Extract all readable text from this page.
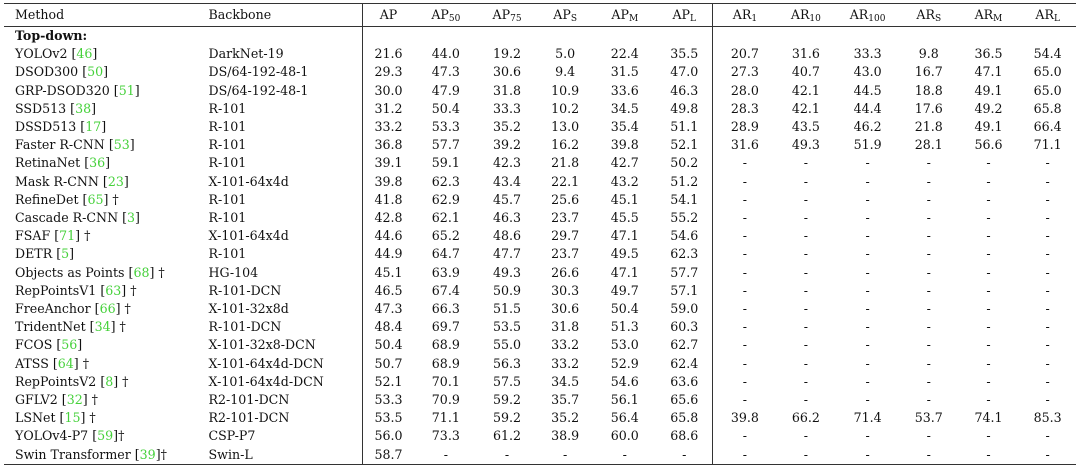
Method	Backbone	AP	$AP_{50}$	$AP_{75}$	$AP_S$	$AP_M$	$AP_L$	$AR_1$	$AR_{10}$	$AR_{100}$	$AR_S$	$AR_M$	$AR_L$
Top-down:													
YOLOv2 [46]	DarkNet-19	21.6	44.0	19.2	5.0	22.4	35.5	20.7	31.6	33.3	9.8	36.5	54.4
DSOD300 [50]	DS/64-192-48-1	29.3	47.3	30.6	9.4	31.5	47.0	27.3	40.7	43.0	16.7	47.1	65.0
GRP-DSOD320 [51]	DS/64-192-48-1	30.0	47.9	31.8	10.9	33.6	46.3	28.0	42.1	44.5	18.8	49.1	65.0
SSD513 [38]	R-101	31.2	50.4	33.3	10.2	34.5	49.8	28.3	42.1	44.4	17.6	49.2	65.8
DSSD513 [17]	R-101	33.2	53.3	35.2	13.0	35.4	51.1	28.9	43.5	46.2	21.8	49.1	66.4
Faster R-CNN [53]	R-101	36.8	57.7	39.2	16.2	39.8	52.1	31.6	49.3	51.9	28.1	56.6	71.1
RetinaNet [36]	R-101	39.1	59.1	42.3	21.8	42.7	50.2	-	-	-	-	-	-
Mask R-CNN [23]	X-101-64x4d	39.8	62.3	43.4	22.1	43.2	51.2	-	-	-	-	-	-
RefineDet [65] †	R-101	41.8	62.9	45.7	25.6	45.1	54.1	-	-	-	-	-	-
Cascade R-CNN [3]	R-101	42.8	62.1	46.3	23.7	45.5	55.2	-	-	-	-	-	-
FSAF [71] †	X-101-64x4d	44.6	65.2	48.6	29.7	47.1	54.6	-	-	-	-	-	-
DETR [5]	R-101	44.9	64.7	47.7	23.7	49.5	62.3	-	-	-	-	-	-
Objects as Points [68] †	HG-104	45.1	63.9	49.3	26.6	47.1	57.7	-	-	-	-	-	-
RepPointsV1 [63] †	R-101-DCN	46.5	67.4	50.9	30.3	49.7	57.1	-	-	-	-	-	-
FreeAnchor [66] †	X-101-32x8d	47.3	66.3	51.5	30.6	50.4	59.0	-	-	-	-	-	-
TridentNet [34] †	R-101-DCN	48.4	69.7	53.5	31.8	51.3	60.3	-	-	-	-	-	-
FCOS [56]	X-101-32x8-DCN	50.4	68.9	55.0	33.2	53.0	62.7	-	-	-	-	-	-
ATSS [64] †	X-101-64x4d-DCN	50.7	68.9	56.3	33.2	52.9	62.4	-	-	-	-	-	-
RepPointsV2 [8] †	X-101-64x4d-DCN	52.1	70.1	57.5	34.5	54.6	63.6	-	-	-	-	-	-
GFLV2 [32] †	R2-101-DCN	53.3	70.9	59.2	35.7	56.1	65.6	-	-	-	-	-	-
LSNet [15] †	R2-101-DCN	53.5	71.1	59.2	35.2	56.4	65.8	39.8	66.2	71.4	53.7	74.1	85.3
YOLOv4-P7 [59]†	CSP-P7	56.0	73.3	61.2	38.9	60.0	68.6	-	-	-	-	-	-
Swin Transformer [39]†	Swin-L	58.7	-	-	-	-	-	-	-	-	-	-	-
